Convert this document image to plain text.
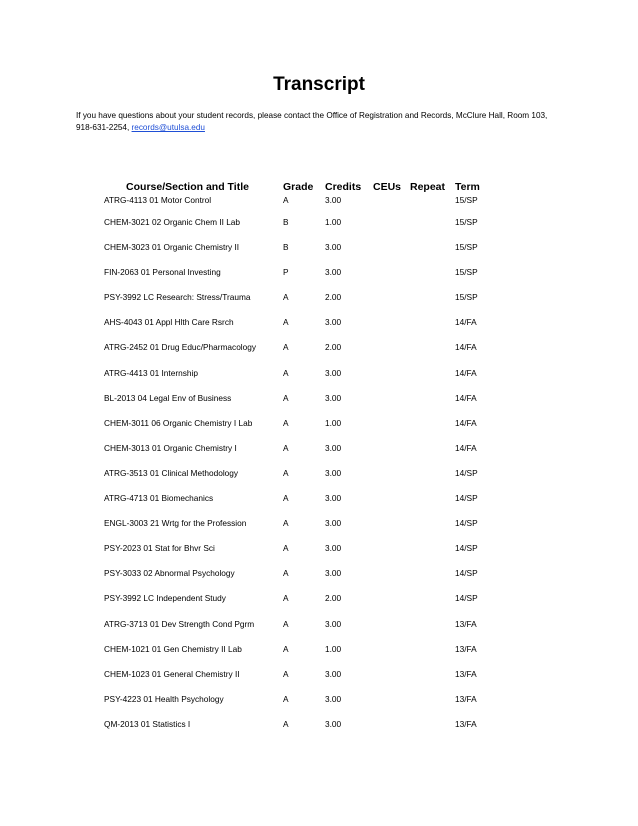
Transcript

If you have questions about your student records, please contact the Office of Registration and Records, McClure Hall, Room 103, 918-631-2254, records@utulsa.edu

Course/Section and Title	Grade	Credits	CEUs	Repeat	Term
ATRG-4113 01 Motor Control	A	3.00			15/SP
CHEM-3021 02 Organic Chem II Lab	B	1.00			15/SP
CHEM-3023 01 Organic Chemistry II	B	3.00			15/SP
FIN-2063 01 Personal Investing	P	3.00			15/SP
PSY-3992 LC Research: Stress/Trauma	A	2.00			15/SP
AHS-4043 01 Appl Hlth Care Rsrch	A	3.00			14/FA
ATRG-2452 01 Drug Educ/Pharmacology	A	2.00			14/FA
ATRG-4413 01 Internship	A	3.00			14/FA
BL-2013 04 Legal Env of Business	A	3.00			14/FA
CHEM-3011 06 Organic Chemistry I Lab	A	1.00			14/FA
CHEM-3013 01 Organic Chemistry I	A	3.00			14/FA
ATRG-3513 01 Clinical Methodology	A	3.00			14/SP
ATRG-4713 01 Biomechanics	A	3.00			14/SP
ENGL-3003 21 Wrtg for the Profession	A	3.00			14/SP
PSY-2023 01 Stat for Bhvr Sci	A	3.00			14/SP
PSY-3033 02 Abnormal Psychology	A	3.00			14/SP
PSY-3992 LC Independent Study	A	2.00			14/SP
ATRG-3713 01 Dev Strength Cond Pgrm	A	3.00			13/FA
CHEM-1021 01 Gen Chemistry II Lab	A	1.00			13/FA
CHEM-1023 01 General Chemistry II	A	3.00			13/FA
PSY-4223 01 Health Psychology	A	3.00			13/FA
QM-2013 01 Statistics I	A	3.00			13/FA
